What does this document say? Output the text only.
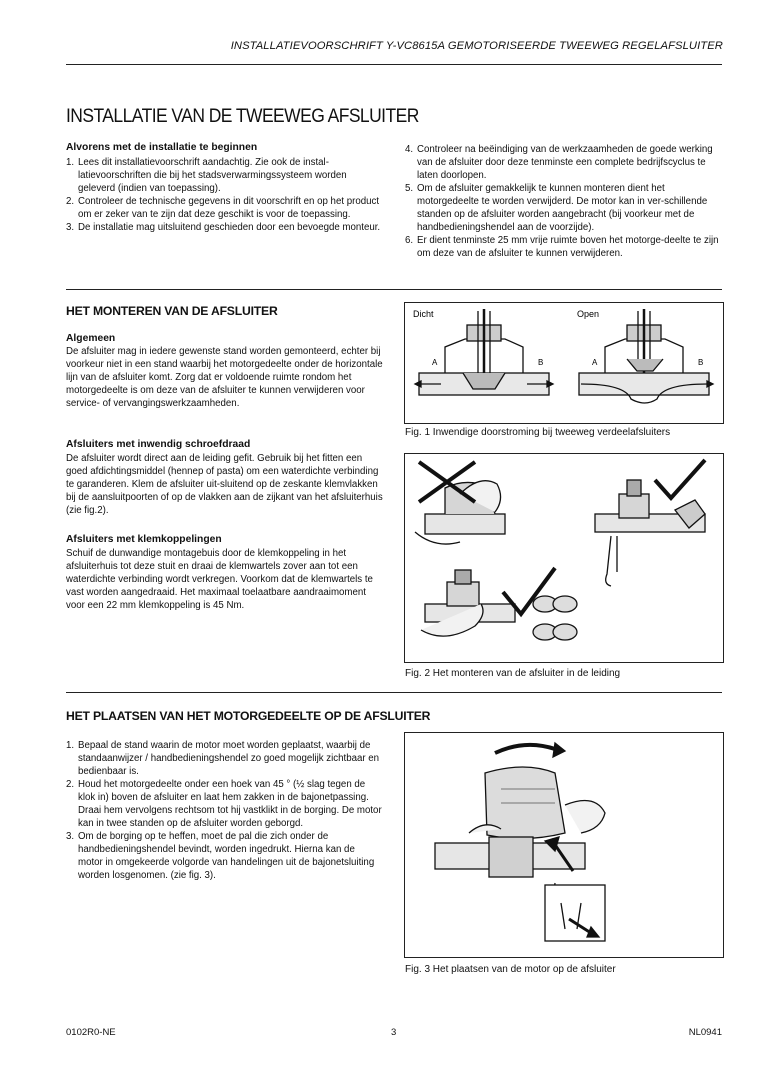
INSTALLATIEVOORSCHRIFT Y-VC8615A GEMOTORISEERDE TWEEWEG REGELAFSLUITER
INSTALLATIE VAN DE TWEEWEG AFSLUITER
Alvorens met de installatie te beginnen
1. Lees dit installatievoorschrift aandachtig. Zie ook de instal-latievoorschriften die bij het stadsverwarmingssysteem worden geleverd (indien van toepassing).
2. Controleer de technische gegevens in dit voorschrift en op het product om er zeker van te zijn dat deze geschikt is voor de toepassing.
3. De installatie mag uitsluitend geschieden door een bevoegde monteur.
4. Controleer na beëindiging van de werkzaamheden de goede werking van de afsluiter door deze tenminste een complete bedrijfscyclus te laten doorlopen.
5. Om de afsluiter gemakkelijk te kunnen monteren dient het motorgedeelte te worden verwijderd. De motor kan in ver-schillende standen op de afsluiter worden aangebracht (bij voorkeur met de handbedieningshendel aan de voorzijde).
6. Er dient tenminste 25 mm vrije ruimte boven het motorge-deelte te zijn om deze van de afsluiter te kunnen verwijderen.
HET MONTEREN VAN DE AFSLUITER
Algemeen

De afsluiter mag in iedere gewenste stand worden gemonteerd, echter bij voorkeur niet in een stand waarbij het motorgedeelte onder de horizontale lijn van de afsluiter komt. Zorg dat er voldoende ruimte rondom het motorgedeelte is om deze van de afsluiter te kunnen verwijderen voor service- of vervangingswerkzaamheden.

Afsluiters met inwendig schroefdraad

De afsluiter wordt direct aan de leiding gefit. Gebruik bij het fitten een goed afdichtingsmiddel (hennep of pasta) om een waterdichte verbinding te garanderen. Klem de afsluiter uit-sluitend op de zeskante klemvlakken bij de aansluitpoorten of op de vlakken aan de zijkant van het afsluiterhuis (zie fig.2).

Afsluiters met klemkoppelingen

Schuif de dunwandige montagebuis door de klemkoppeling in het afsluiterhuis tot deze stuit en draai de klemwartels zover aan tot een waterdichte verbinding wordt verkregen. Voorkom dat de klemwartels te vast worden aangedraaid. Het maximaal toelaatbare aandraaimoment voor een 22 mm klemkoppeling is 45 Nm.

Dicht	Open
A	B	A	B
Fig. 1 Inwendige doorstroming bij tweeweg verdeelafsluiters
Fig. 2 Het monteren van de afsluiter in de leiding
HET PLAATSEN VAN HET MOTORGEDEELTE OP DE AFSLUITER
1. Bepaal de stand waarin de motor moet worden geplaatst, waarbij de standaanwijzer / handbedieningshendel zo goed mogelijk zichtbaar en bedienbaar is.
2. Houd het motorgedeelte onder een hoek van 45 ° (½ slag tegen de klok in) boven de afsluiter en laat hem zakken in de bajonetpassing. Draai hem vervolgens rechtsom tot hij vastklikt in de borging. De motor kan in twee standen op de afsluiter worden geborgd.
3. Om de borging op te heffen, moet de pal die zich onder de handbedieningshendel bevindt, worden ingedrukt. Hierna kan de motor in omgekeerde volgorde van handelingen uit de bajonetsluiting worden losgenomen. (zie fig. 3).
Fig. 3 Het plaatsen van de motor op de afsluiter
0102R0-NE	3	NL0941
